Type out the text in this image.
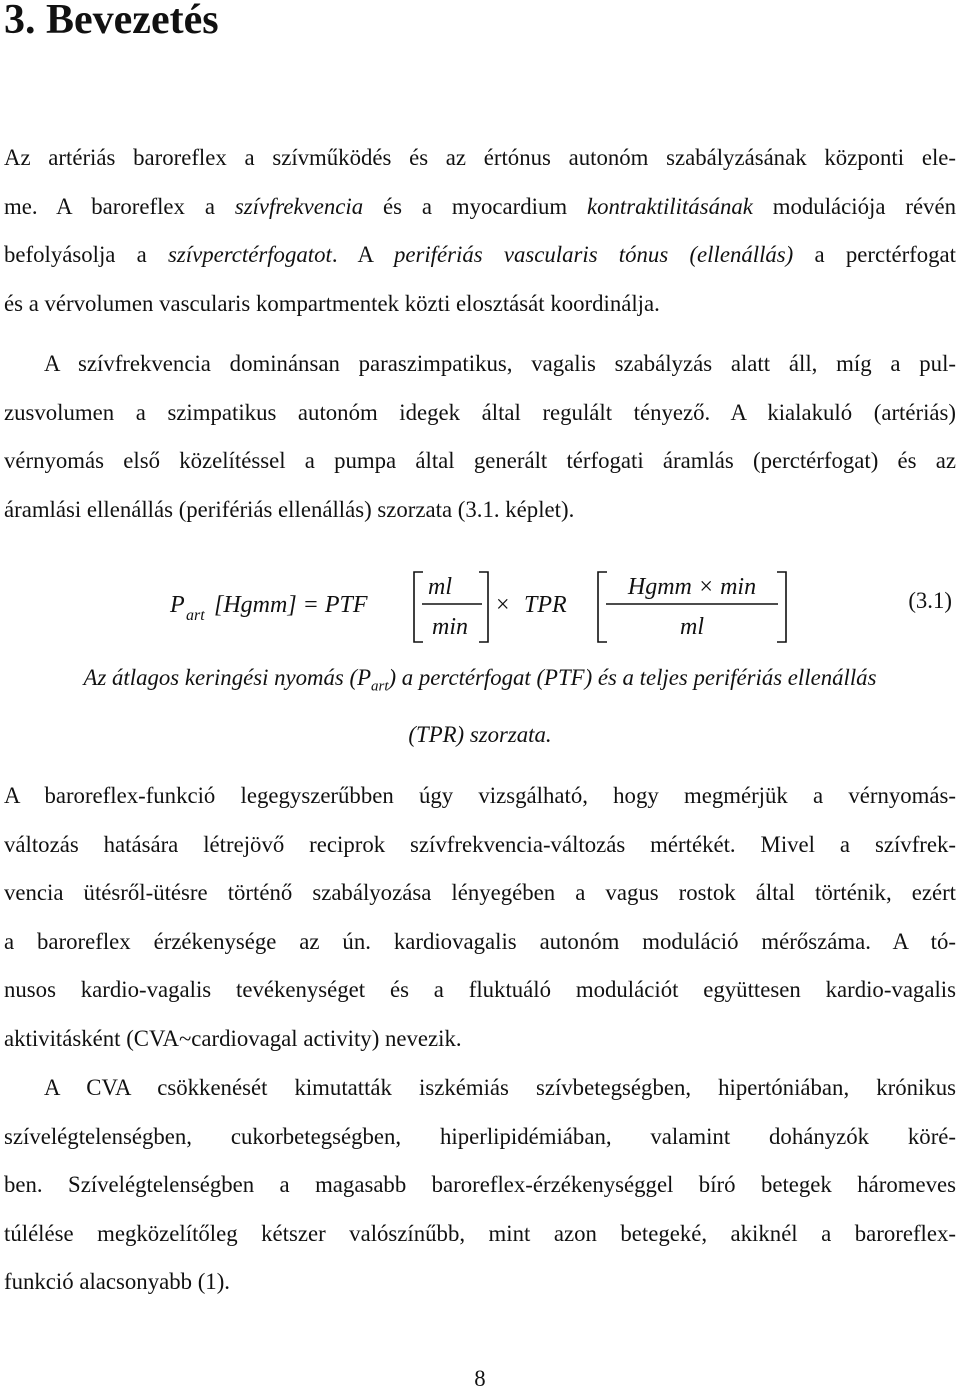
3. Bevezetés
Az artériás baroreflex a szívműködés és az értónus autonóm szabályzásának központi ele-
me. A baroreflex a szívfrekvencia és a myocardium kontraktilitásának modulációja révén
befolyásolja a szívperctérfogatot. A perifériás vascularis tónus (ellenállás) a perctérfogat
és a vérvolumen vascularis kompartmentek közti elosztását koordinálja.
A szívfrekvencia dominánsan paraszimpatikus, vagalis szabályzás alatt áll, míg a pul-
zusvolumen a szimpatikus autonóm idegek által regulált tényező. A kialakuló (artériás)
vérnyomás első közelítéssel a pumpa által generált térfogati áramlás (perctérfogat) és az
áramlási ellenállás (perifériás ellenállás) szorzata (3.1. képlet).
P art [Hgmm] = PTF
ml
min
× TPR
Hgmm × min
ml
(3.1)
Az átlagos keringési nyomás $(P_{art})$ a perctérfogat (PTF) és a teljes perifériás ellenállás
(TPR) szorzata.
A baroreflex-funkció legegyszerűbben úgy vizsgálható, hogy megmérjük a vérnyomás-
változás hatására létrejövő reciprok szívfrekvencia-változás mértékét. Mivel a szívfrek-
vencia ütésről-ütésre történő szabályozása lényegében a vagus rostok által történik, ezért
a baroreflex érzékenysége az ún. kardiovagalis autonóm moduláció mérőszáma. A tó-
nusos kardio-vagalis tevékenységet és a fluktuáló modulációt együttesen kardio-vagalis
aktivitásként (CVA~cardiovagal activity) nevezik.
A CVA csökkenését kimutatták iszkémiás szívbetegségben, hipertóniában, krónikus
szívelégtelenségben, cukorbetegségben, hiperlipidémiában, valamint dohányzók köré-
ben. Szívelégtelenségben a magasabb baroreflex-érzékenységgel bíró betegek háromeves
túlélése megközelítőleg kétszer valószínűbb, mint azon betegeké, akiknél a baroreflex-
funkció alacsonyabb (1).
8
